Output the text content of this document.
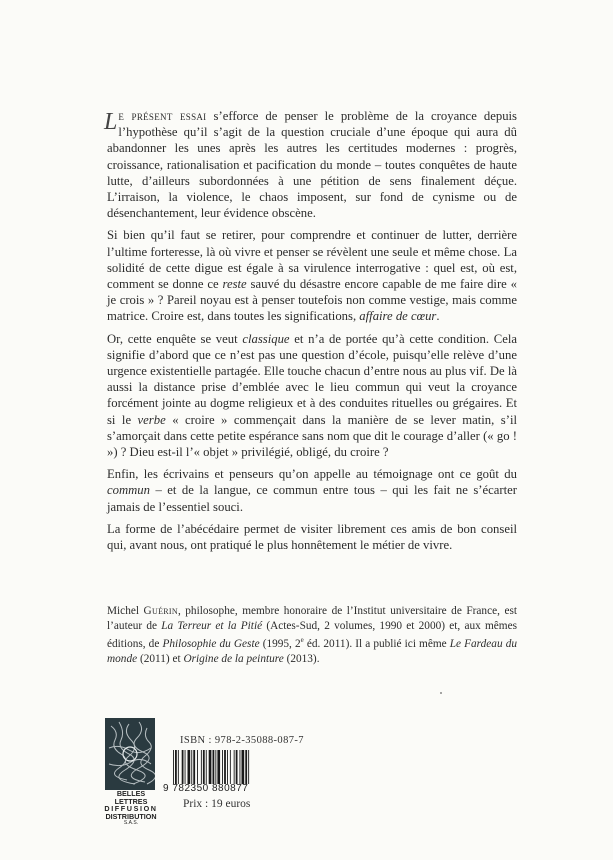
Le présent essai s’efforce de penser le problème de la croyance depuis l’hypothèse qu’il s’agit de la question cruciale d’une époque qui aura dû abandonner les unes après les autres les certitudes modernes : progrès, croissance, rationalisation et pacification du monde – toutes conquêtes de haute lutte, d’ailleurs subordonnées à une pétition de sens finalement déçue. L’irraison, la violence, le chaos imposent, sur fond de cynisme ou de désenchantement, leur évidence obscène.

Si bien qu’il faut se retirer, pour comprendre et continuer de lutter, derrière l’ultime forteresse, là où vivre et penser se révèlent une seule et même chose. La solidité de cette digue est égale à sa virulence interrogative : quel est, où est, comment se donne ce reste sauvé du désastre encore capable de me faire dire « je crois » ? Pareil noyau est à penser toutefois non comme vestige, mais comme matrice. Croire est, dans toutes les significations, affaire de cœur.

Or, cette enquête se veut classique et n’a de portée qu’à cette condition. Cela signifie d’abord que ce n’est pas une question d’école, puisqu’elle relève d’une urgence existentielle partagée. Elle touche chacun d’entre nous au plus vif. De là aussi la distance prise d’emblée avec le lieu commun qui veut la croyance forcément jointe au dogme religieux et à des conduites rituelles ou grégaires. Et si le verbe « croire » commençait dans la manière de se lever matin, s’il s’amorçait dans cette petite espérance sans nom que dit le courage d’aller (« go ! ») ? Dieu est-il l’« objet » privilégié, obligé, du croire ?

Enfin, les écrivains et penseurs qu’on appelle au témoignage ont ce goût du commun – et de la langue, ce commun entre tous – qui les fait ne s’écarter jamais de l’essentiel souci.

La forme de l’abécédaire permet de visiter librement ces amis de bon conseil qui, avant nous, ont pratiqué le plus honnêtement le métier de vivre.

Michel Guérin, philosophe, membre honoraire de l’Institut universitaire de France, est l’auteur de La Terreur et la Pitié (Actes-Sud, 2 volumes, 1990 et 2000) et, aux mêmes éditions, de Philosophie du Geste (1995, 2e éd. 2011). Il a publié ici même Le Fardeau du monde (2011) et Origine de la peinture (2013).

BELLES LETTRES
DIFFUSION
DISTRIBUTION
S.A.S.
ISBN : 978-2-35088-087-7
9 782350 880877
Prix : 19 euros
